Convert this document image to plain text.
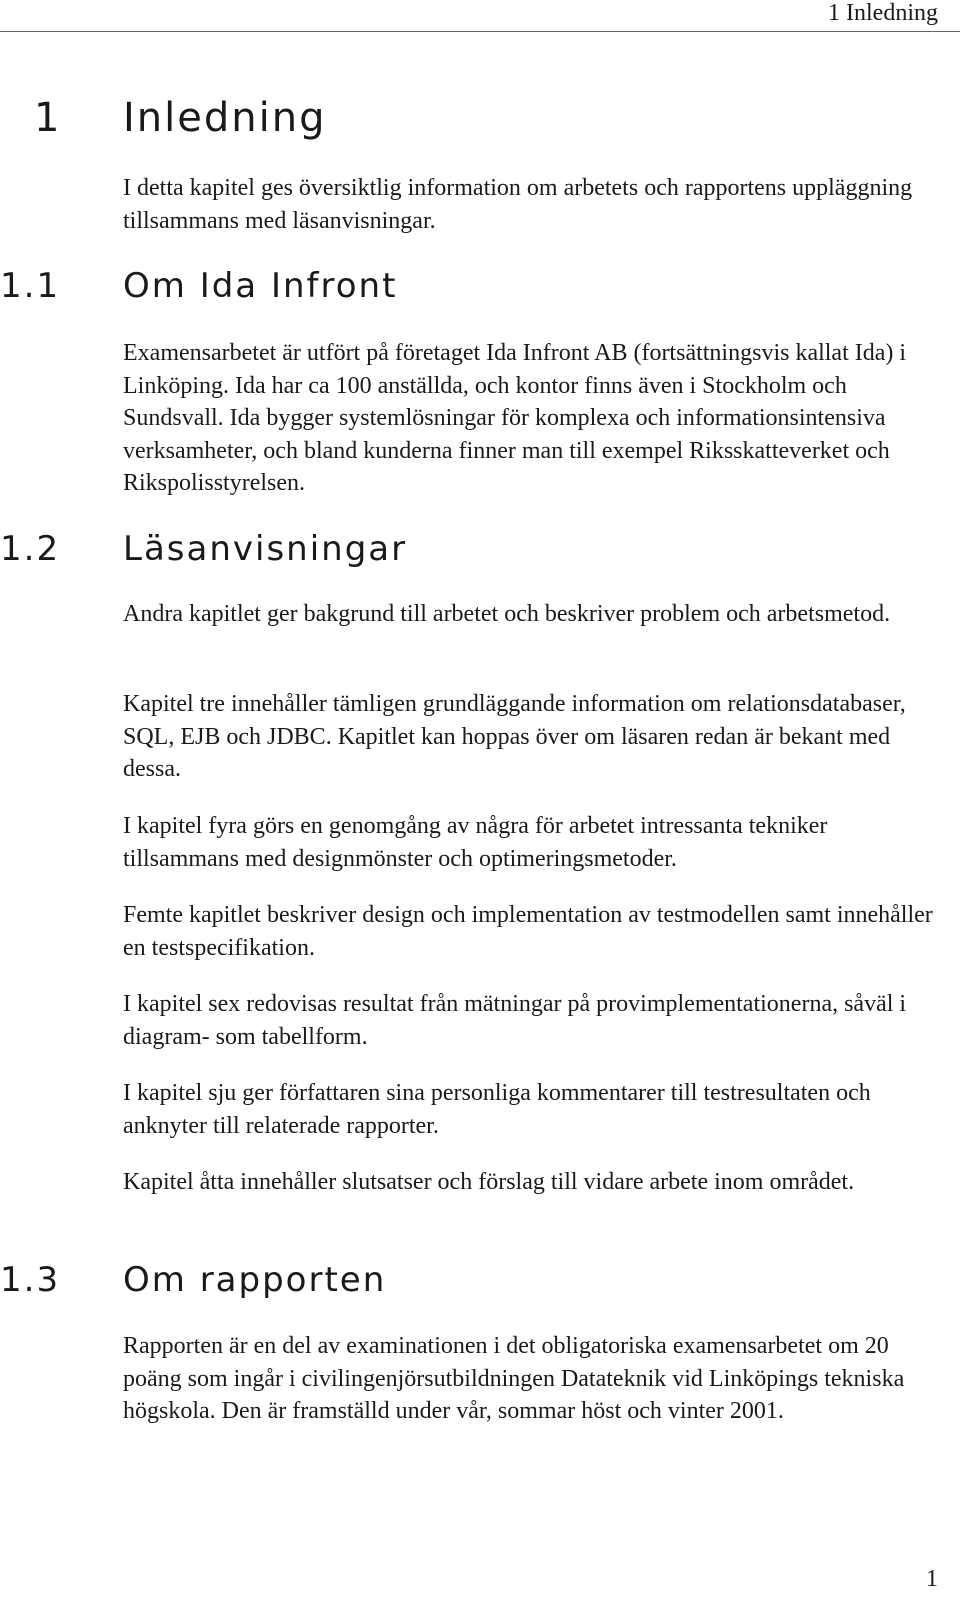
1 Inledning
1 Inledning

I detta kapitel ges översiktlig information om arbetets och rapportens uppläggning tillsammans med läsanvisningar.

1.1 Om Ida Infront

Examensarbetet är utfört på företaget Ida Infront AB (fortsättningsvis kallat Ida) i Linköping. Ida har ca 100 anställda, och kontor finns även i Stockholm och Sundsvall. Ida bygger systemlösningar för komplexa och informationsintensiva verksamheter, och bland kunderna finner man till exempel Riksskatteverket och Rikspolisstyrelsen.

1.2 Läsanvisningar

Andra kapitlet ger bakgrund till arbetet och beskriver problem och arbetsmetod.

Kapitel tre innehåller tämligen grundläggande information om relationsdatabaser, SQL, EJB och JDBC. Kapitlet kan hoppas över om läsaren redan är bekant med dessa.

I kapitel fyra görs en genomgång av några för arbetet intressanta tekniker tillsammans med designmönster och optimeringsmetoder.

Femte kapitlet beskriver design och implementation av testmodellen samt innehåller en testspecifikation.

I kapitel sex redovisas resultat från mätningar på provimplementationerna, såväl i diagram- som tabellform.

I kapitel sju ger författaren sina personliga kommentarer till testresultaten och anknyter till relaterade rapporter.

Kapitel åtta innehåller slutsatser och förslag till vidare arbete inom området.

1.3 Om rapporten

Rapporten är en del av examinationen i det obligatoriska examensarbetet om 20 poäng som ingår i civilingenjörsutbildningen Datateknik vid Linköpings tekniska högskola. Den är framställd under vår, sommar höst och vinter 2001.

1
